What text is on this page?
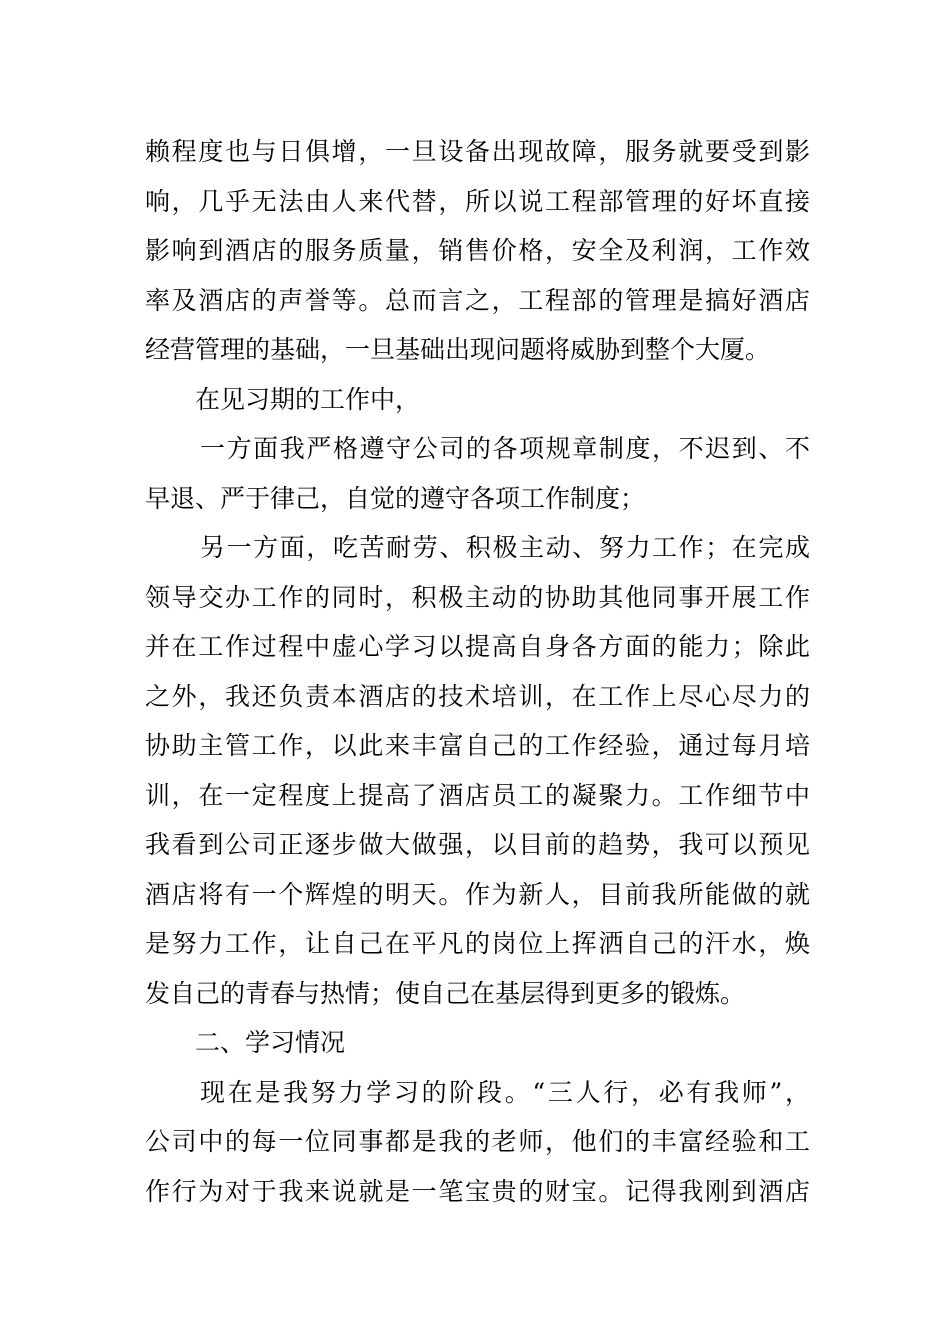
赖程度也与日俱增，一旦设备出现故障，服务就要受到影
响，几乎无法由人来代替，所以说工程部管理的好坏直接
影响到酒店的服务质量，销售价格，安全及利润，工作效
率及酒店的声誉等。总而言之，工程部的管理是搞好酒店
经营管理的基础，一旦基础出现问题将威胁到整个大厦。
在见习期的工作中，
一方面我严格遵守公司的各项规章制度，不迟到、不
早退、严于律己，自觉的遵守各项工作制度；
另一方面，吃苦耐劳、积极主动、努力工作；在完成
领导交办工作的同时，积极主动的协助其他同事开展工作
并在工作过程中虚心学习以提高自身各方面的能力；除此
之外，我还负责本酒店的技术培训，在工作上尽心尽力的
协助主管工作，以此来丰富自己的工作经验，通过每月培
训，在一定程度上提高了酒店员工的凝聚力。工作细节中
我看到公司正逐步做大做强，以目前的趋势，我可以预见
酒店将有一个辉煌的明天。作为新人，目前我所能做的就
是努力工作，让自己在平凡的岗位上挥洒自己的汗水，焕
发自己的青春与热情；使自己在基层得到更多的锻炼。
二、学习情况
现在是我努力学习的阶段。“三人行，必有我师”，
公司中的每一位同事都是我的老师，他们的丰富经验和工
作行为对于我来说就是一笔宝贵的财宝。记得我刚到酒店
